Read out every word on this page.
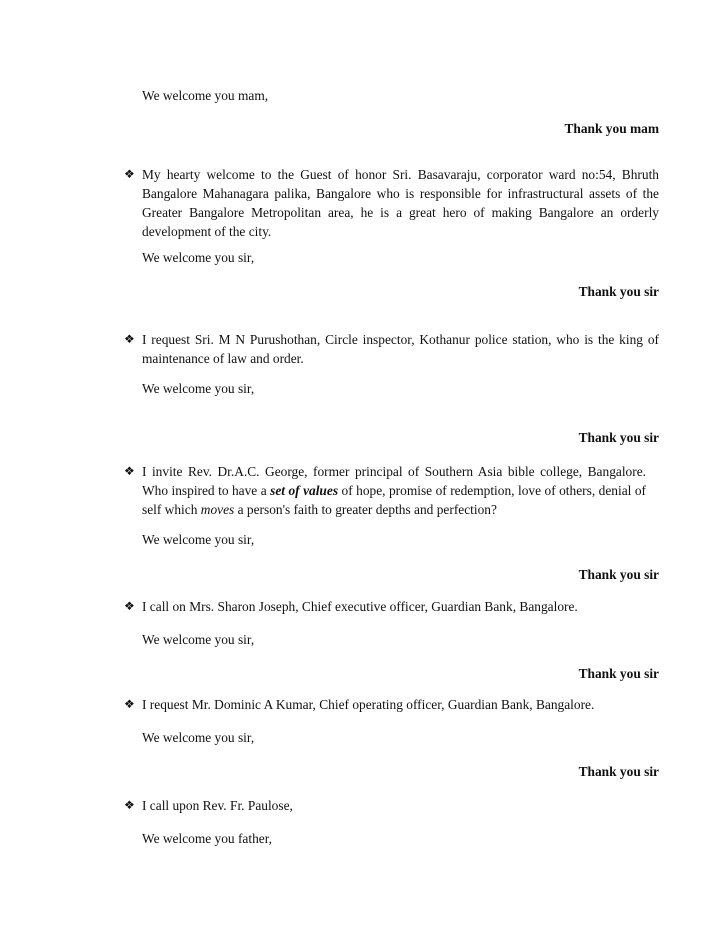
We welcome you mam,
Thank you mam
❖ My hearty welcome to the Guest of honor Sri. Basavaraju, corporator ward no:54, Bhruth Bangalore Mahanagara palika, Bangalore who is responsible for infrastructural assets of the Greater Bangalore Metropolitan area, he is a great hero of making Bangalore an orderly development of the city.
We welcome you sir,
Thank you sir
❖ I request Sri. M N Purushothan, Circle inspector, Kothanur police station, who is the king of maintenance of law and order.
We welcome you sir,
Thank you sir
❖ I invite Rev. Dr.A.C. George, former principal of Southern Asia bible college, Bangalore. Who inspired to have a set of values of hope, promise of redemption, love of others, denial of self which moves a person's faith to greater depths and perfection?
We welcome you sir,
Thank you sir
❖ I call on Mrs. Sharon Joseph, Chief executive officer, Guardian Bank, Bangalore.
We welcome you sir,
Thank you sir
❖ I request Mr. Dominic A Kumar, Chief operating officer, Guardian Bank, Bangalore.
We welcome you sir,
Thank you sir
❖ I call upon Rev. Fr. Paulose,
We welcome you father,
